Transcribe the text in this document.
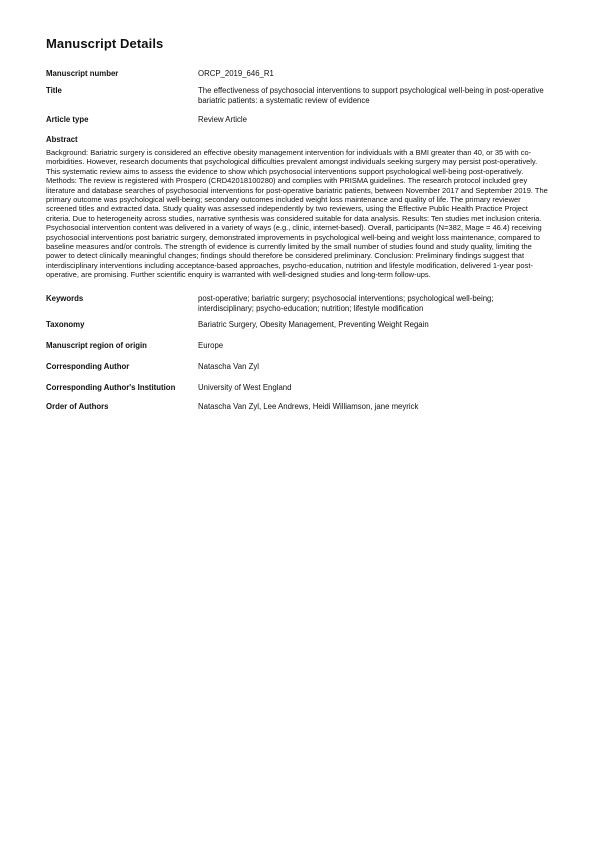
Manuscript Details
Manuscript number	ORCP_2019_646_R1
Title	The effectiveness of psychosocial interventions to support psychological well-being in post-operative bariatric patients: a systematic review of evidence
Article type	Review Article
Abstract
Background: Bariatric surgery is considered an effective obesity management intervention for individuals with a BMI greater than 40, or 35 with co-morbidities. However, research documents that psychological difficulties prevalent amongst individuals seeking surgery may persist post-operatively. This systematic review aims to assess the evidence to show which psychosocial interventions support psychological well-being post-operatively. Methods: The review is registered with Prospero (CRD42018100280) and complies with PRISMA guidelines. The research protocol included grey literature and database searches of psychosocial interventions for post-operative bariatric patients, between November 2017 and September 2019. The primary outcome was psychological well-being; secondary outcomes included weight loss maintenance and quality of life. The primary reviewer screened titles and extracted data. Study quality was assessed independently by two reviewers, using the Effective Public Health Practice Project criteria. Due to heterogeneity across studies, narrative synthesis was considered suitable for data analysis. Results: Ten studies met inclusion criteria. Psychosocial intervention content was delivered in a variety of ways (e.g., clinic, internet-based). Overall, participants (N=382, Mage = 46.4) receiving psychosocial interventions post bariatric surgery, demonstrated improvements in psychological well-being and weight loss maintenance, compared to baseline measures and/or controls. The strength of evidence is currently limited by the small number of studies found and study quality, limiting the power to detect clinically meaningful changes; findings should therefore be considered preliminary. Conclusion: Preliminary findings suggest that interdisciplinary interventions including acceptance-based approaches, psycho-education, nutrition and lifestyle modification, delivered 1-year post-operative, are promising. Further scientific enquiry is warranted with well-designed studies and long-term follow-ups.
Keywords	post-operative; bariatric surgery; psychosocial interventions; psychological well-being; interdisciplinary; psycho-education; nutrition; lifestyle modification
Taxonomy	Bariatric Surgery, Obesity Management, Preventing Weight Regain
Manuscript region of origin	Europe
Corresponding Author	Natascha Van Zyl
Corresponding Author's Institution	University of West England
Order of Authors	Natascha Van Zyl, Lee Andrews, Heidi Williamson, jane meyrick
